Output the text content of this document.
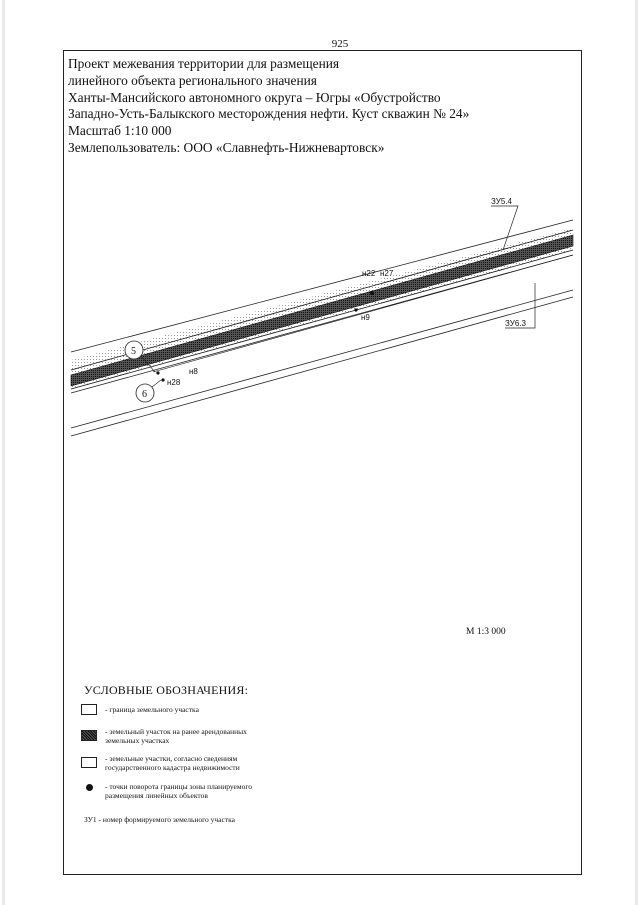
925
Проект межевания территории для размещения
линейного объекта регионального значения
Ханты-Мансийского автономного округа – Югры «Обустройство
Западно-Усть-Балыкского месторождения нефти. Куст скважин № 24»
Масштаб 1:10 000
Землепользователь: ООО «Славнефть-Нижневартовск»
ЗУ5.4
ЗУ6.3
н22 н27
н9
н8
н28
5
6
М 1:3 000
УСЛОВНЫЕ ОБОЗНАЧЕНИЯ:
- граница земельного участка
- земельный участок на ранее арендованных земельных участках
- земельные участки, согласно сведениям государственного кадастра недвижимости
- точки поворота границы зоны планируемого размещения линейных объектов
ЗУ1 - номер формируемого земельного участка
